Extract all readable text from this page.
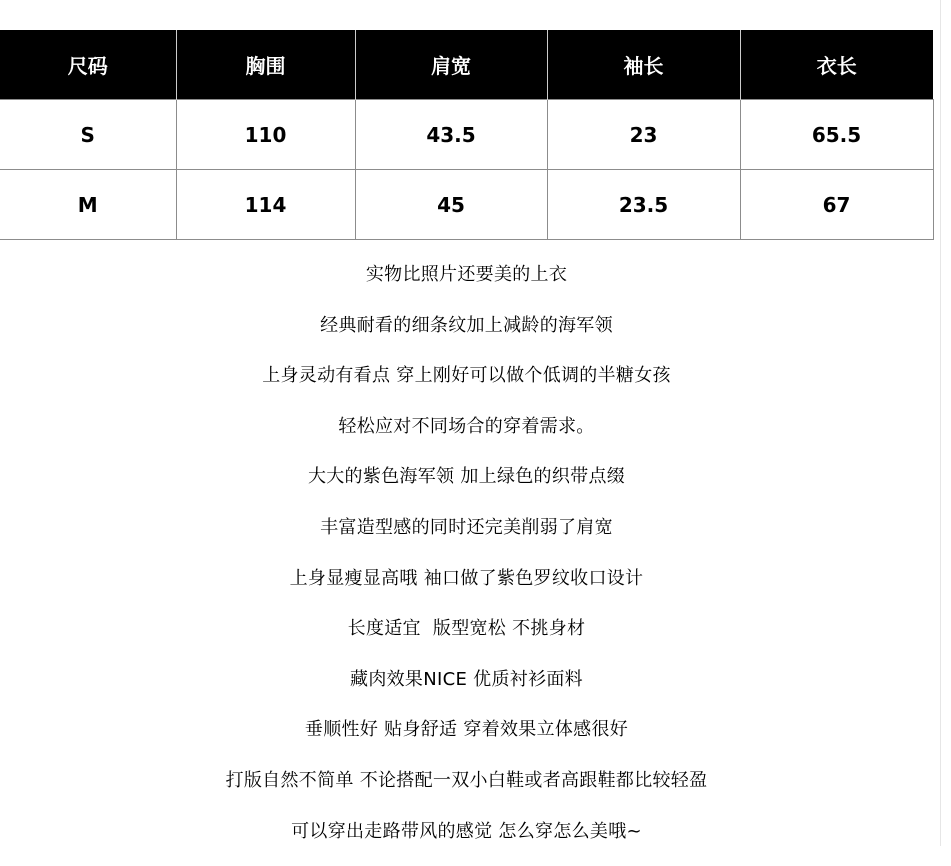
尺码	胸围	肩宽	袖长	衣长
S	110	43.5	23	65.5
M	114	45	23.5	67
实物比照片还要美的上衣
经典耐看的细条纹加上减龄的海军领
上身灵动有看点 穿上刚好可以做个低调的半糖女孩
轻松应对不同场合的穿着需求。
大大的紫色海军领 加上绿色的织带点缀
丰富造型感的同时还完美削弱了肩宽
上身显瘦显高哦 袖口做了紫色罗纹收口设计
长度适宜  版型宽松 不挑身材
藏肉效果NICE 优质衬衫面料
垂顺性好 贴身舒适 穿着效果立体感很好
打版自然不简单 不论搭配一双小白鞋或者高跟鞋都比较轻盈
可以穿出走路带风的感觉 怎么穿怎么美哦~
